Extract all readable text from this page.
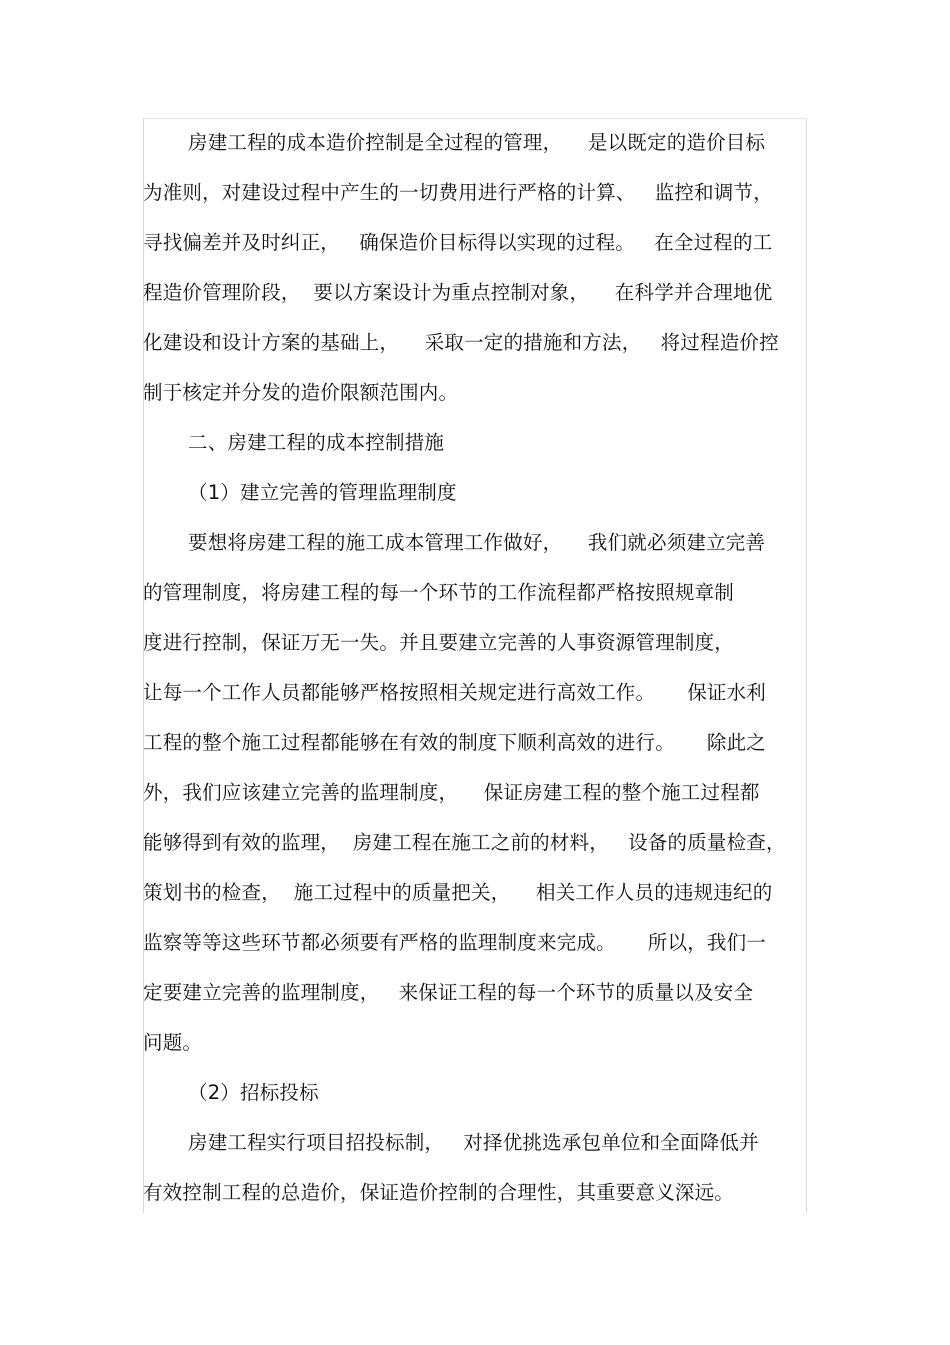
房建工程的成本造价控制是全过程的管理，    是以既定的造价目标
为准则，对建设过程中产生的一切费用进行严格的计算、   监控和调节，
寻找偏差并及时纠正，   确保造价目标得以实现的过程。   在全过程的工
程造价管理阶段，  要以方案设计为重点控制对象，    在科学并合理地优
化建设和设计方案的基础上，    采取一定的措施和方法，   将过程造价控
制于核定并分发的造价限额范围内。
二、房建工程的成本控制措施
（1）建立完善的管理监理制度
要想将房建工程的施工成本管理工作做好，    我们就必须建立完善
的管理制度，将房建工程的每一个环节的工作流程都严格按照规章制
度进行控制，保证万无一失。并且要建立完善的人事资源管理制度，
让每一个工作人员都能够严格按照相关规定进行高效工作。     保证水利
工程的整个施工过程都能够在有效的制度下顺利高效的进行。     除此之
外，我们应该建立完善的监理制度，    保证房建工程的整个施工过程都
能够得到有效的监理，  房建工程在施工之前的材料，   设备的质量检查，
策划书的检查，  施工过程中的质量把关，    相关工作人员的违规违纪的
监察等等这些环节都必须要有严格的监理制度来完成。     所以，我们一
定要建立完善的监理制度，   来保证工程的每一个环节的质量以及安全
问题。
（2）招标投标
房建工程实行项目招投标制，   对择优挑选承包单位和全面降低并
有效控制工程的总造价，保证造价控制的合理性，其重要意义深远。
